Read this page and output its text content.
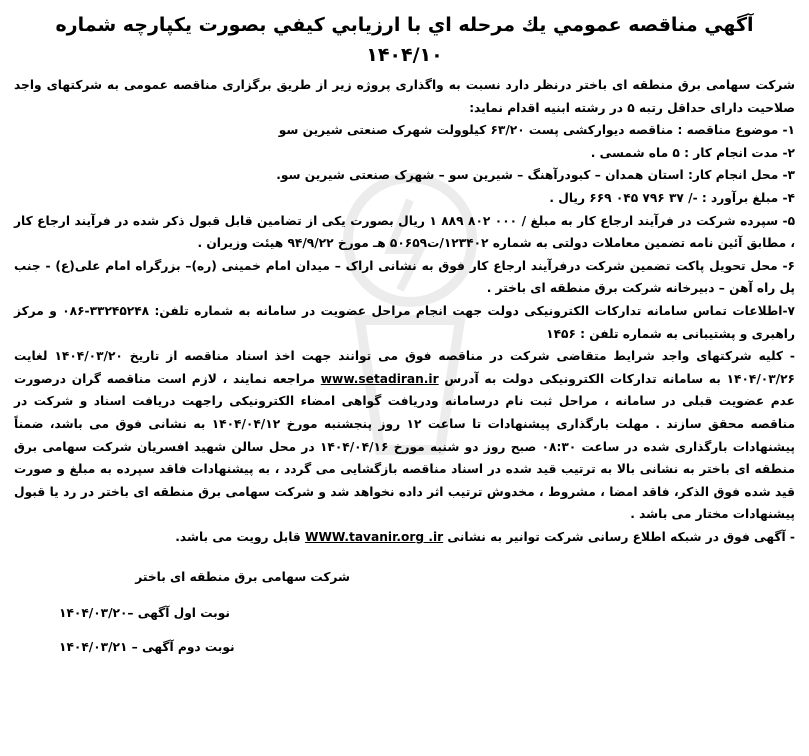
آگهي مناقصه عمومي يك مرحله اي با ارزيابي كيفي بصورت يكپارچه شماره ۱۴۰۴/۱۰

شرکت سهامی برق منطقه ای باختر درنظر دارد نسبت به واگذاری پروژه زیر از طریق برگزاری مناقصه عمومی به شرکتهای واجد صلاحیت دارای حداقل رتبه ۵ در رشته ابنیه اقدام نماید:

۱- موضوع مناقصه : مناقصه دیوارکشی پست ۶۳/۲۰ کیلوولت شهرک صنعتی شیرین سو

۲- مدت انجام کار : ۵ ماه شمسی .

۳- محل انجام کار: استان همدان – کبودرآهنگ – شیرین سو – شهرک صنعتی شیرین سو.

۴- مبلغ برآورد : -/ ۳۷ ۷۹۶ ۰۴۵ ۶۶۹ ریال .

۵- سپرده شرکت در فرآیند ارجاع کار به مبلغ / ۰۰۰ ۸۰۲ ۸۸۹ ۱ ریال بصورت یکی از تضامین قابل قبول ذکر شده در فرآیند ارجاع کار ، مطابق آئین نامه تضمین معاملات دولتی به شماره ۱۲۳۴۰۲/ت۵۰۶۵۹ هـ مورخ ۹۴/۹/۲۲ هیئت وزیران .

۶- محل تحویل پاکت تضمین شرکت درفرآیند ارجاع کار فوق به نشانی اراک – میدان امام خمینی (ره)– بزرگراه امام علی(ع) - جنب پل راه آهن – دبیرخانه شرکت برق منطقه ای باختر .

۷-اطلاعات تماس سامانه تدارکات الکترونیکی دولت جهت انجام مراحل عضویت در سامانه به شماره تلفن: ۳۳۲۴۵۲۴۸-۰۸۶ و مرکز راهبری و پشتیبانی به شماره تلفن : ۱۴۵۶

- کلیه شرکتهای واجد شرایط متقاضی شرکت در مناقصه فوق می توانند جهت اخذ اسناد مناقصه از تاریخ ۱۴۰۴/۰۳/۲۰ لغایت ۱۴۰۴/۰۳/۲۶ به سامانه تدارکات الکترونیکی دولت به آدرس www.setadiran.ir مراجعه نمایند ، لازم است مناقصه گران درصورت عدم عضویت قبلی در سامانه ، مراحل ثبت نام درسامانه ودریافت گواهی امضاء الکترونیکی راجهت دریافت اسناد و شرکت در مناقصه محقق سازند . مهلت بارگذاری پیشنهادات تا ساعت ۱۲ روز پنجشنبه مورخ ۱۴۰۴/۰۴/۱۲ به نشانی فوق می باشد، ضمناً پیشنهادات بارگذاری شده در ساعت ۰۸:۳۰ صبح روز دو شنبه مورخ ۱۴۰۴/۰۴/۱۶ در محل سالن شهید افسریان شرکت سهامی برق منطقه ای باختر به نشانی بالا به ترتیب قید شده در اسناد مناقصه بازگشایی می گردد ، به پیشنهادات فاقد سپرده به مبلغ و صورت قید شده فوق الذکر، فاقد امضا ، مشروط ، مخدوش ترتیب اثر داده نخواهد شد و شرکت سهامی برق منطقه ای باختر در رد یا قبول پیشنهادات مختار می باشد .

- آگهی فوق در شبکه اطلاع رسانی شرکت توانیر به نشانی WWW.tavanir.org .ir قابل رویت می باشد.

شرکت سهامی برق منطقه ای باختر

نوبت اول آگهی –۱۴۰۴/۰۳/۲۰

نوبت دوم آگهی – ۱۴۰۴/۰۳/۲۱
